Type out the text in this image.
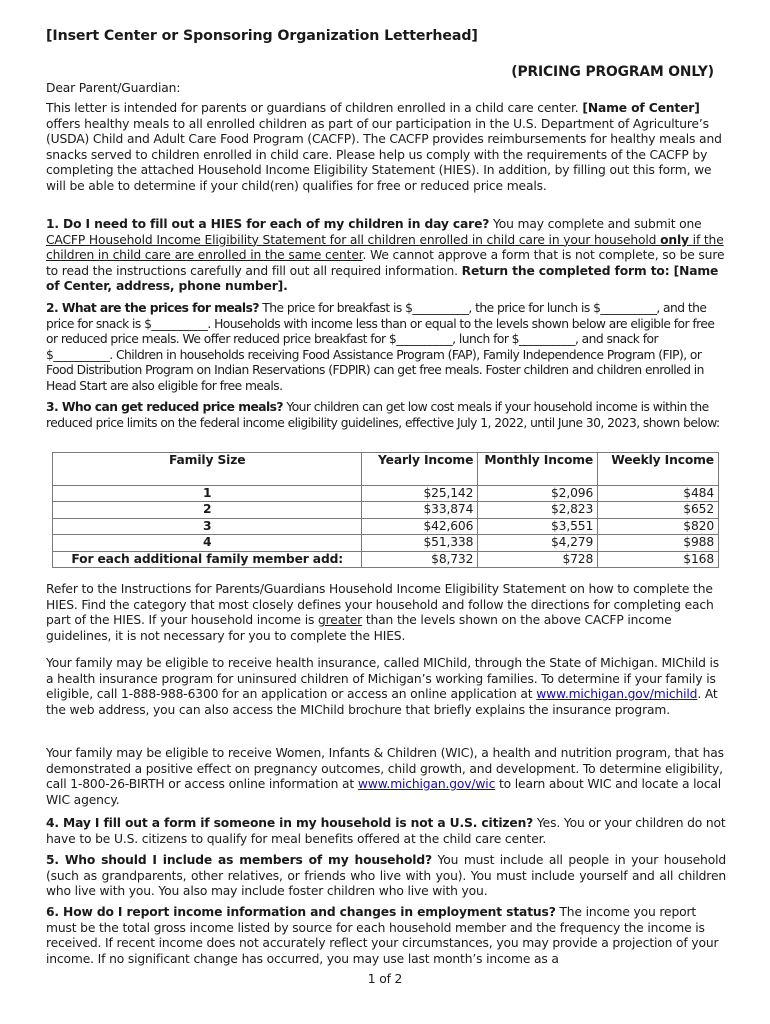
[Insert Center or Sponsoring Organization Letterhead]
(PRICING PROGRAM ONLY)
Dear Parent/Guardian:

This letter is intended for parents or guardians of children enrolled in a child care center. [Name of Center] offers healthy meals to all enrolled children as part of our participation in the U.S. Department of Agriculture’s (USDA) Child and Adult Care Food Program (CACFP). The CACFP provides reimbursements for healthy meals and snacks served to children enrolled in child care. Please help us comply with the requirements of the CACFP by completing the attached Household Income Eligibility Statement (HIES). In addition, by filling out this form, we will be able to determine if your child(ren) qualifies for free or reduced price meals.

1. Do I need to fill out a HIES for each of my children in day care? You may complete and submit one CACFP Household Income Eligibility Statement for all children enrolled in child care in your household only if the children in child care are enrolled in the same center. We cannot approve a form that is not complete, so be sure to read the instructions carefully and fill out all required information. Return the completed form to: [Name of Center, address, phone number].

2. What are the prices for meals? The price for breakfast is $__________, the price for lunch is $__________, and the price for snack is $__________. Households with income less than or equal to the levels shown below are eligible for free or reduced price meals. We offer reduced price breakfast for $__________, lunch for $__________, and snack for $__________. Children in households receiving Food Assistance Program (FAP), Family Independence Program (FIP), or Food Distribution Program on Indian Reservations (FDPIR) can get free meals. Foster children and children enrolled in Head Start are also eligible for free meals.

3. Who can get reduced price meals? Your children can get low cost meals if your household income is within the reduced price limits on the federal income eligibility guidelines, effective July 1, 2022, until June 30, 2023, shown below:

Family Size	Yearly Income	Monthly Income	Weekly Income
1	$25,142	$2,096	$484
2	$33,874	$2,823	$652
3	$42,606	$3,551	$820
4	$51,338	$4,279	$988
For each additional family member add:	$8,732	$728	$168

Refer to the Instructions for Parents/Guardians Household Income Eligibility Statement on how to complete the HIES. Find the category that most closely defines your household and follow the directions for completing each part of the HIES. If your household income is greater than the levels shown on the above CACFP income guidelines, it is not necessary for you to complete the HIES.

Your family may be eligible to receive health insurance, called MIChild, through the State of Michigan. MIChild is a health insurance program for uninsured children of Michigan’s working families. To determine if your family is eligible, call 1-888-988-6300 for an application or access an online application at www.michigan.gov/michild. At the web address, you can also access the MIChild brochure that briefly explains the insurance program.

Your family may be eligible to receive Women, Infants & Children (WIC), a health and nutrition program, that has demonstrated a positive effect on pregnancy outcomes, child growth, and development. To determine eligibility, call 1-800-26-BIRTH or access online information at www.michigan.gov/wic to learn about WIC and locate a local WIC agency.

4. May I fill out a form if someone in my household is not a U.S. citizen? Yes. You or your children do not have to be U.S. citizens to qualify for meal benefits offered at the child care center.

5. Who should I include as members of my household? You must include all people in your household (such as grandparents, other relatives, or friends who live with you). You must include yourself and all children who live with you. You also may include foster children who live with you.

6. How do I report income information and changes in employment status? The income you report must be the total gross income listed by source for each household member and the frequency the income is received. If recent income does not accurately reflect your circumstances, you may provide a projection of your income. If no significant change has occurred, you may use last month’s income as a

1 of 2
